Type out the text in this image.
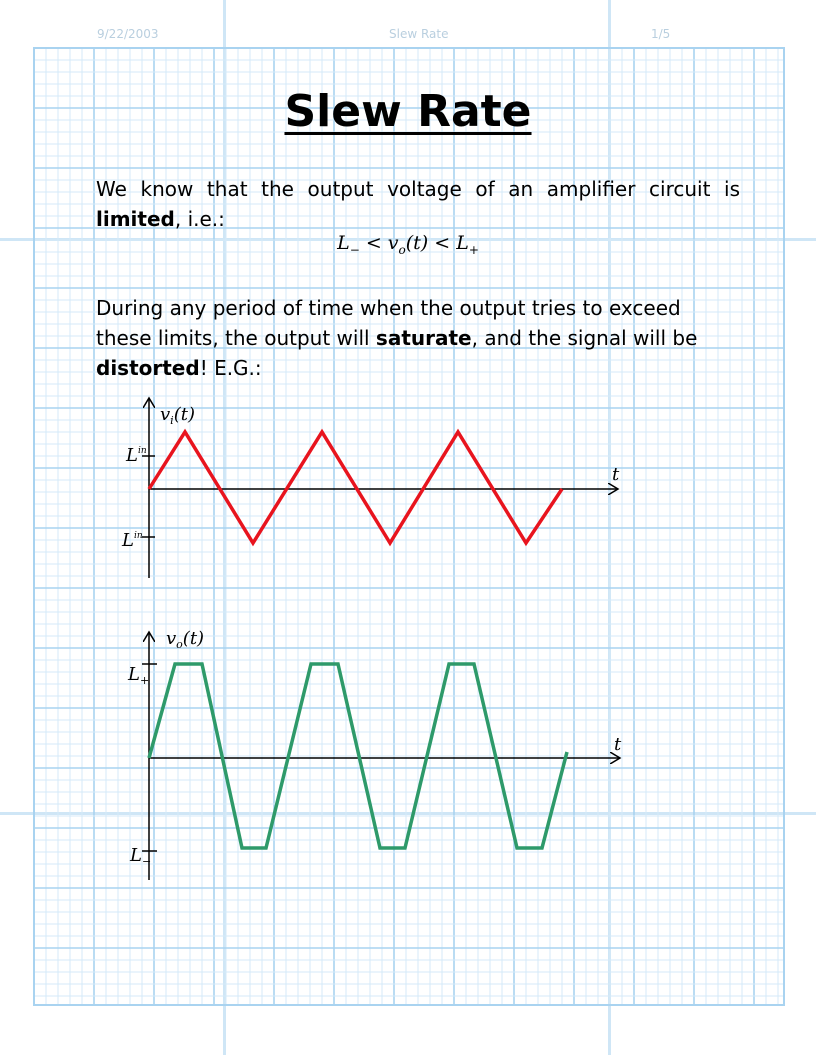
9/22/2003	Slew Rate	1/5
Slew Rate
We know that the output voltage of an amplifier circuit is
limited, i.e.:
$L_- < v_o(t) < L_+$
During any period of time when the output tries to exceed
these limits, the output will saturate, and the signal will be
distorted! E.G.:
$v_i(t)$
t
$L^{in}$
$L^{in}$
$v_o(t)$
t
$L_+$
$L_-$
